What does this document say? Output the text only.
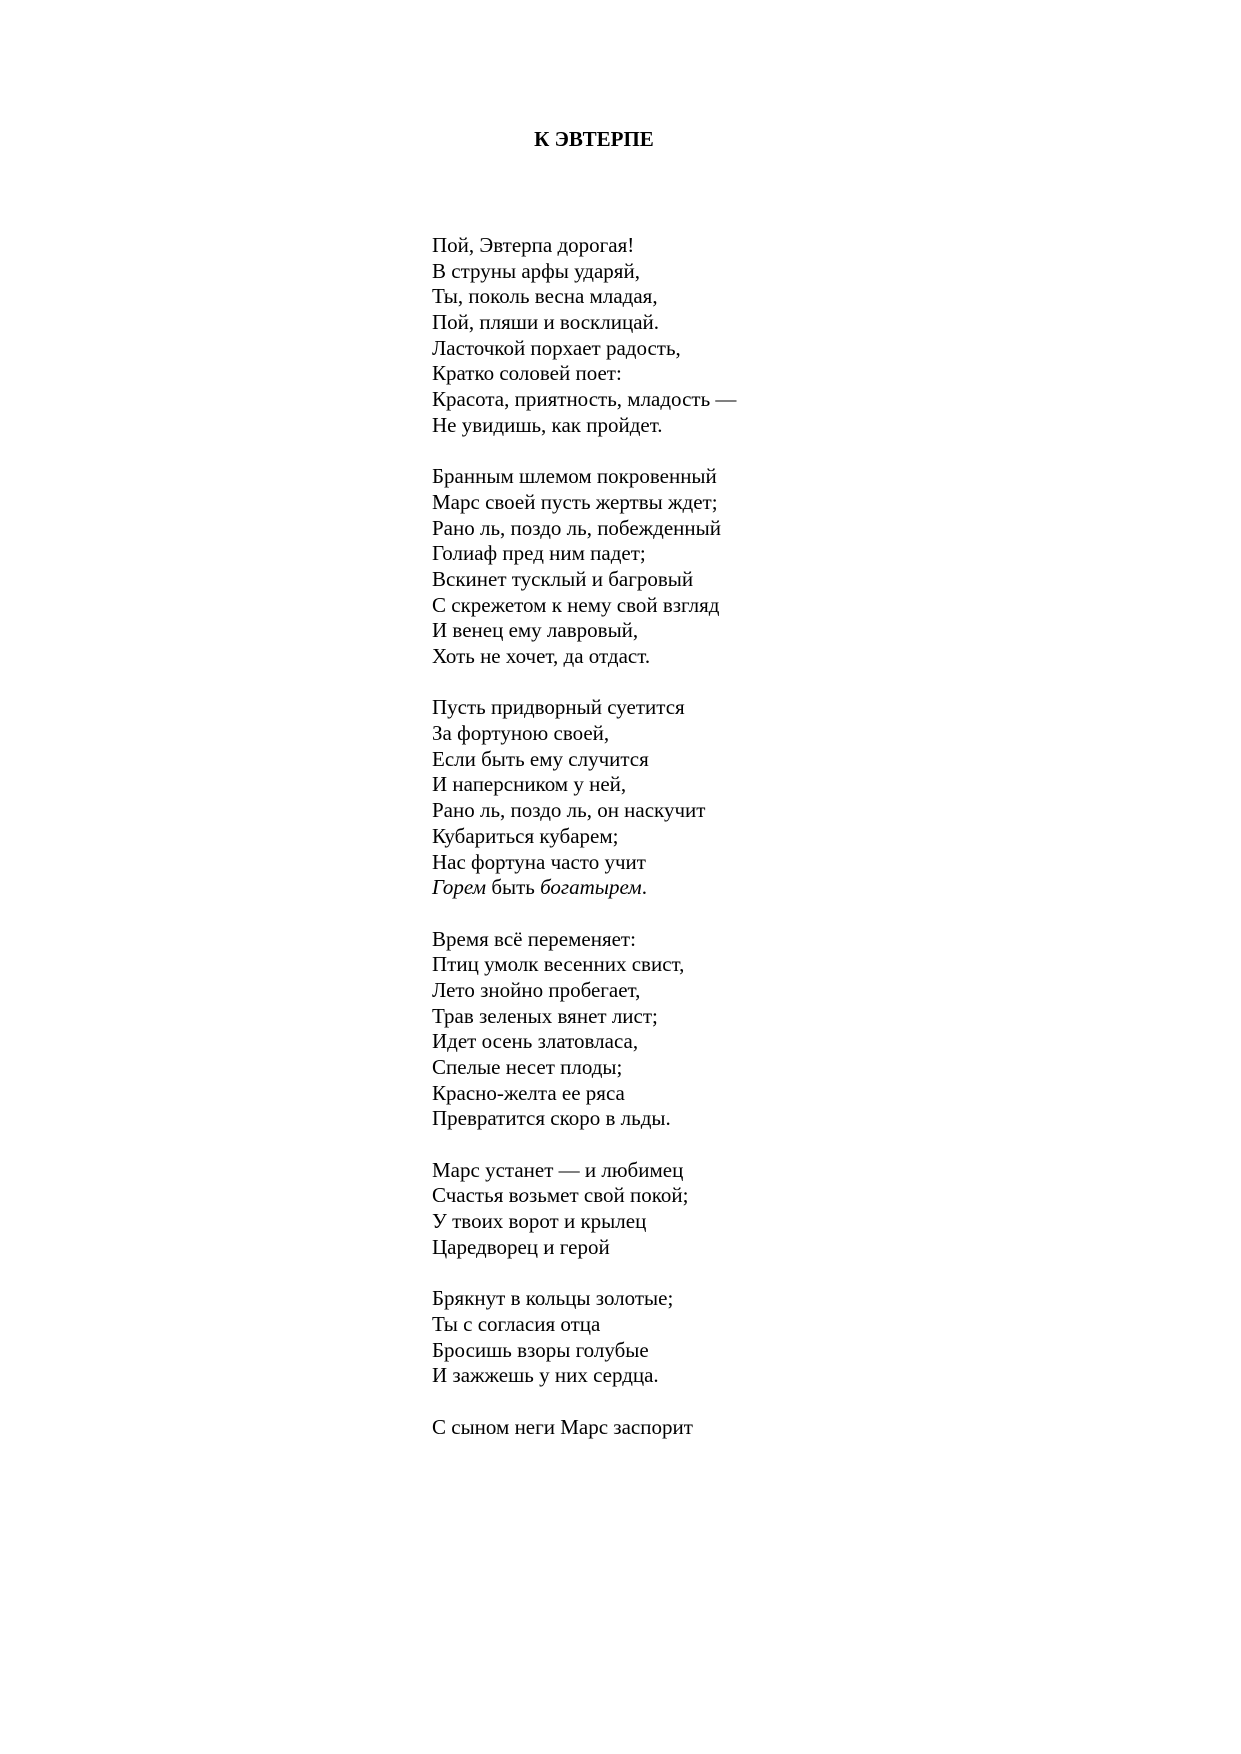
К ЭВТЕРПЕ
Пой, Эвтерпа дорогая!
В струны арфы ударяй,
Ты, поколь весна младая,
Пой, пляши и восклицай.
Ласточкой порхает радость,
Кратко соловей поет:
Красота, приятность, младость —
Не увидишь, как пройдет.
Бранным шлемом покровенный
Марс своей пусть жертвы ждет;
Рано ль, поздо ль, побежденный
Голиаф пред ним падет;
Вскинет тусклый и багровый
С скрежетом к нему свой взгляд
И венец ему лавровый,
Хоть не хочет, да отдаст.
Пусть придворный суетится
За фортуною своей,
Если быть ему случится
И наперсником у ней,
Рано ль, поздо ль, он наскучит
Кубариться кубарем;
Нас фортуна часто учит
Горем быть богатырем.
Время всё переменяет:
Птиц умолк весенних свист,
Лето знойно пробегает,
Трав зеленых вянет лист;
Идет осень златовласа,
Спелые несет плоды;
Красно-желта ее ряса
Превратится скоро в льды.
Марс устанет — и любимец
Счастья возьмет свой покой;
У твоих ворот и крылец
Царедворец и герой
Брякнут в кольцы золотые;
Ты с согласия отца
Бросишь взоры голубые
И зажжешь у них сердца.
С сыном неги Марс заспорит
